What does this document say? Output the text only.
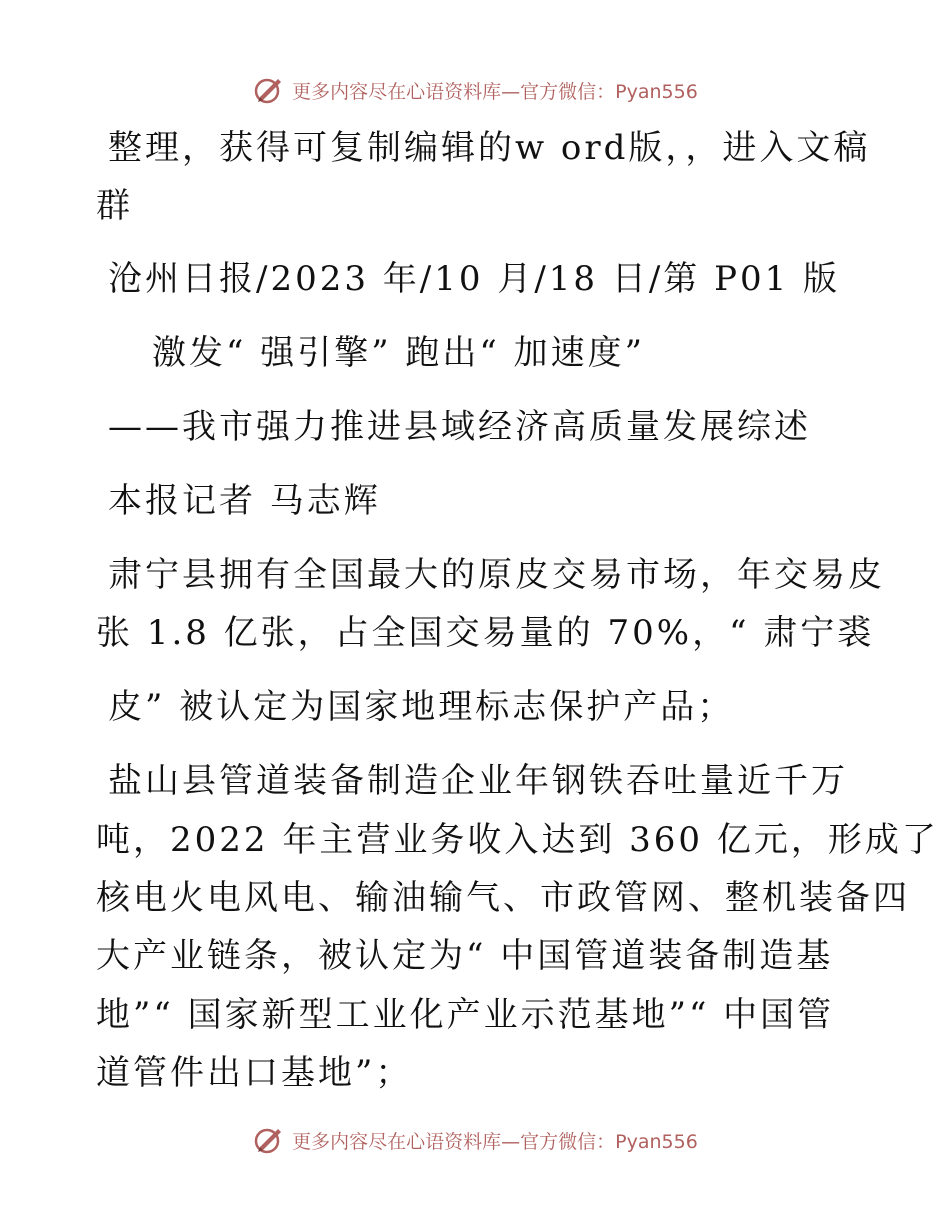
更多内容尽在心语资料库—官方微信：Pyan556
整理，获得可复制编辑的w ord版，，进入文稿
群
沧州日报/2023 年/10 月/18 日/第 P01 版
激发“ 强引擎” 跑出“ 加速度”
——我市强力推进县域经济高质量发展综述
本报记者 马志辉
肃宁县拥有全国最大的原皮交易市场，年交易皮
张 1.8 亿张，占全国交易量的 70%，“ 肃宁裘
皮” 被认定为国家地理标志保护产品；
盐山县管道装备制造企业年钢铁吞吐量近千万
吨，2022 年主营业务收入达到 360 亿元，形成了
核电火电风电、输油输气、市政管网、整机装备四
大产业链条，被认定为“ 中国管道装备制造基
地”“ 国家新型工业化产业示范基地”“ 中国管
道管件出口基地”；
更多内容尽在心语资料库—官方微信：Pyan556
